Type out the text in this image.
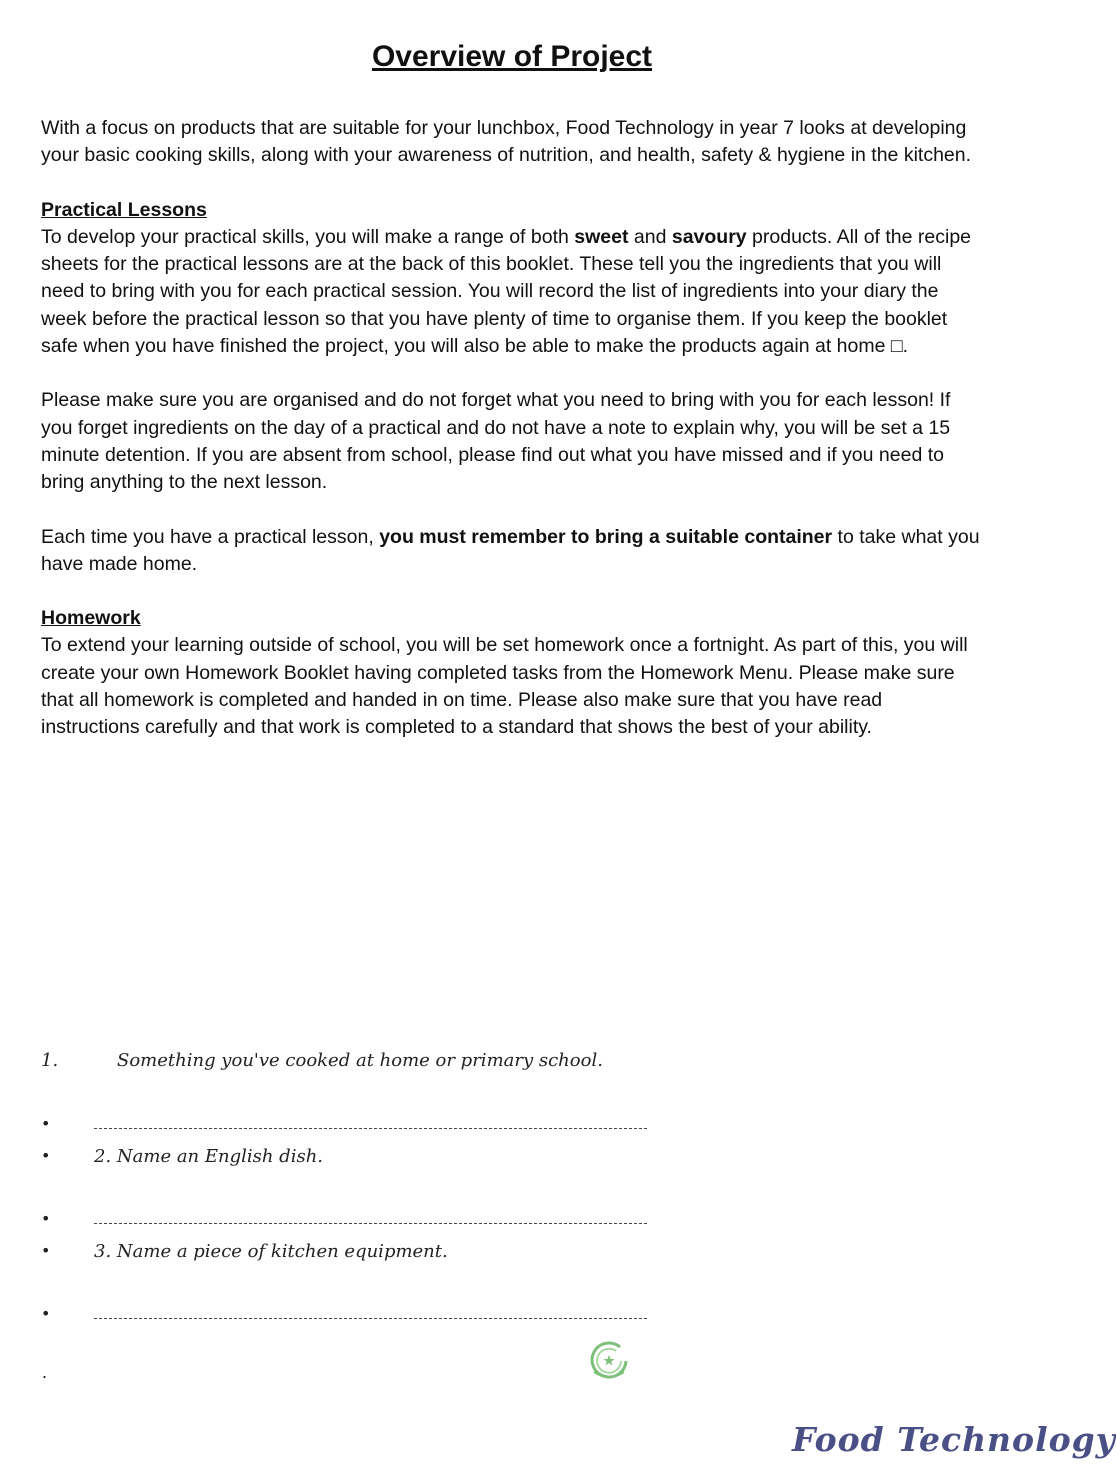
Overview of Project

With a focus on products that are suitable for your lunchbox, Food Technology in year 7 looks at developing your basic cooking skills, along with your awareness of nutrition, and health, safety & hygiene in the kitchen.

Practical Lessons

To develop your practical skills, you will make a range of both sweet and savoury products. All of the recipe sheets for the practical lessons are at the back of this booklet. These tell you the ingredients that you will need to bring with you for each practical session. You will record the list of ingredients into your diary the week before the practical lesson so that you have plenty of time to organise them. If you keep the booklet safe when you have finished the project, you will also be able to make the products again at home □.

Please make sure you are organised and do not forget what you need to bring with you for each lesson! If you forget ingredients on the day of a practical and do not have a note to explain why, you will be set a 15 minute detention. If you are absent from school, please find out what you have missed and if you need to bring anything to the next lesson.

Each time you have a practical lesson, you must remember to bring a suitable container to take what you have made home.

Homework

To extend your learning outside of school, you will be set homework once a fortnight. As part of this, you will create your own Homework Booklet having completed tasks from the Homework Menu. Please make sure that all homework is completed and handed in on time. Please also make sure that you have read instructions carefully and that work is completed to a standard that shows the best of your ability.

1.	Something you've cooked at home or primary school.
•
• 2. Name an English dish.
•
• 3. Name a piece of kitchen equipment.
•
.
Food Technology
